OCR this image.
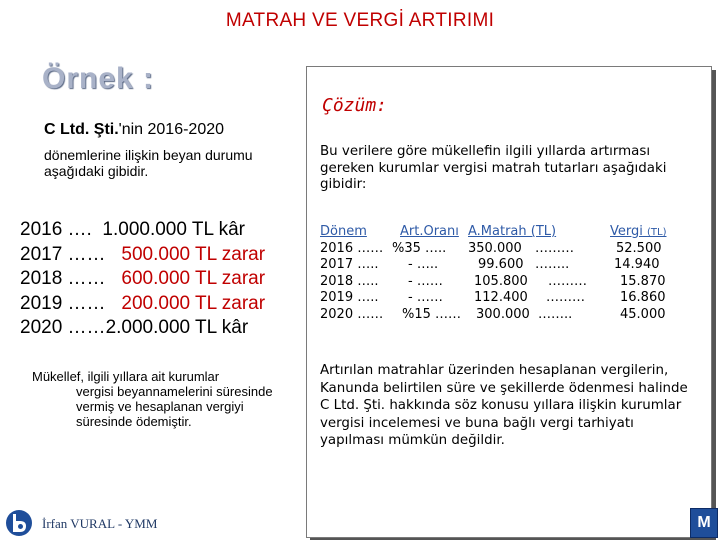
MATRAH VE VERGİ ARTIRIMI
Örnek :
C Ltd. Şti.'nin 2016-2020
dönemlerine ilişkin beyan durumu aşağıdaki gibidir.
2016 ….  1.000.000 TL kâr
2017 ……   500.000 TL zarar
2018 ……   600.000 TL zarar
2019 ……   200.000 TL zarar
2020 ……2.000.000 TL kâr
Mükellef, ilgili yıllara ait kurumlar
vergisi beyannamelerini süresinde vermiş ve hesaplanan vergiyi süresinde ödemiştir.
İrfan VURAL - YMM
Çözüm:
Bu verilere göre mükellefin ilgili yıllarda artırması gereken kurumlar vergisi matrah tutarları aşağıdaki gibidir:
Dönem	Art.Oranı A.Matrah (TL)	Vergi (TL)
2016 …… %35 ….. 350.000 ………	52.500
2017 ….. - …..	99.600 ……..	14.940
2018 ….. - …… 105.800 ………	15.870
2019 ….. - …… 112.400 ………	16.860
2020 …… %15 …… 300.000 ……..	45.000
Artırılan matrahlar üzerinden hesaplanan vergilerin, Kanunda belirtilen süre ve şekillerde ödenmesi halinde C Ltd. Şti. hakkında söz konusu yıllara ilişkin kurumlar vergisi incelemesi ve buna bağlı vergi tarhiyatı yapılması mümkün değildir.
M
